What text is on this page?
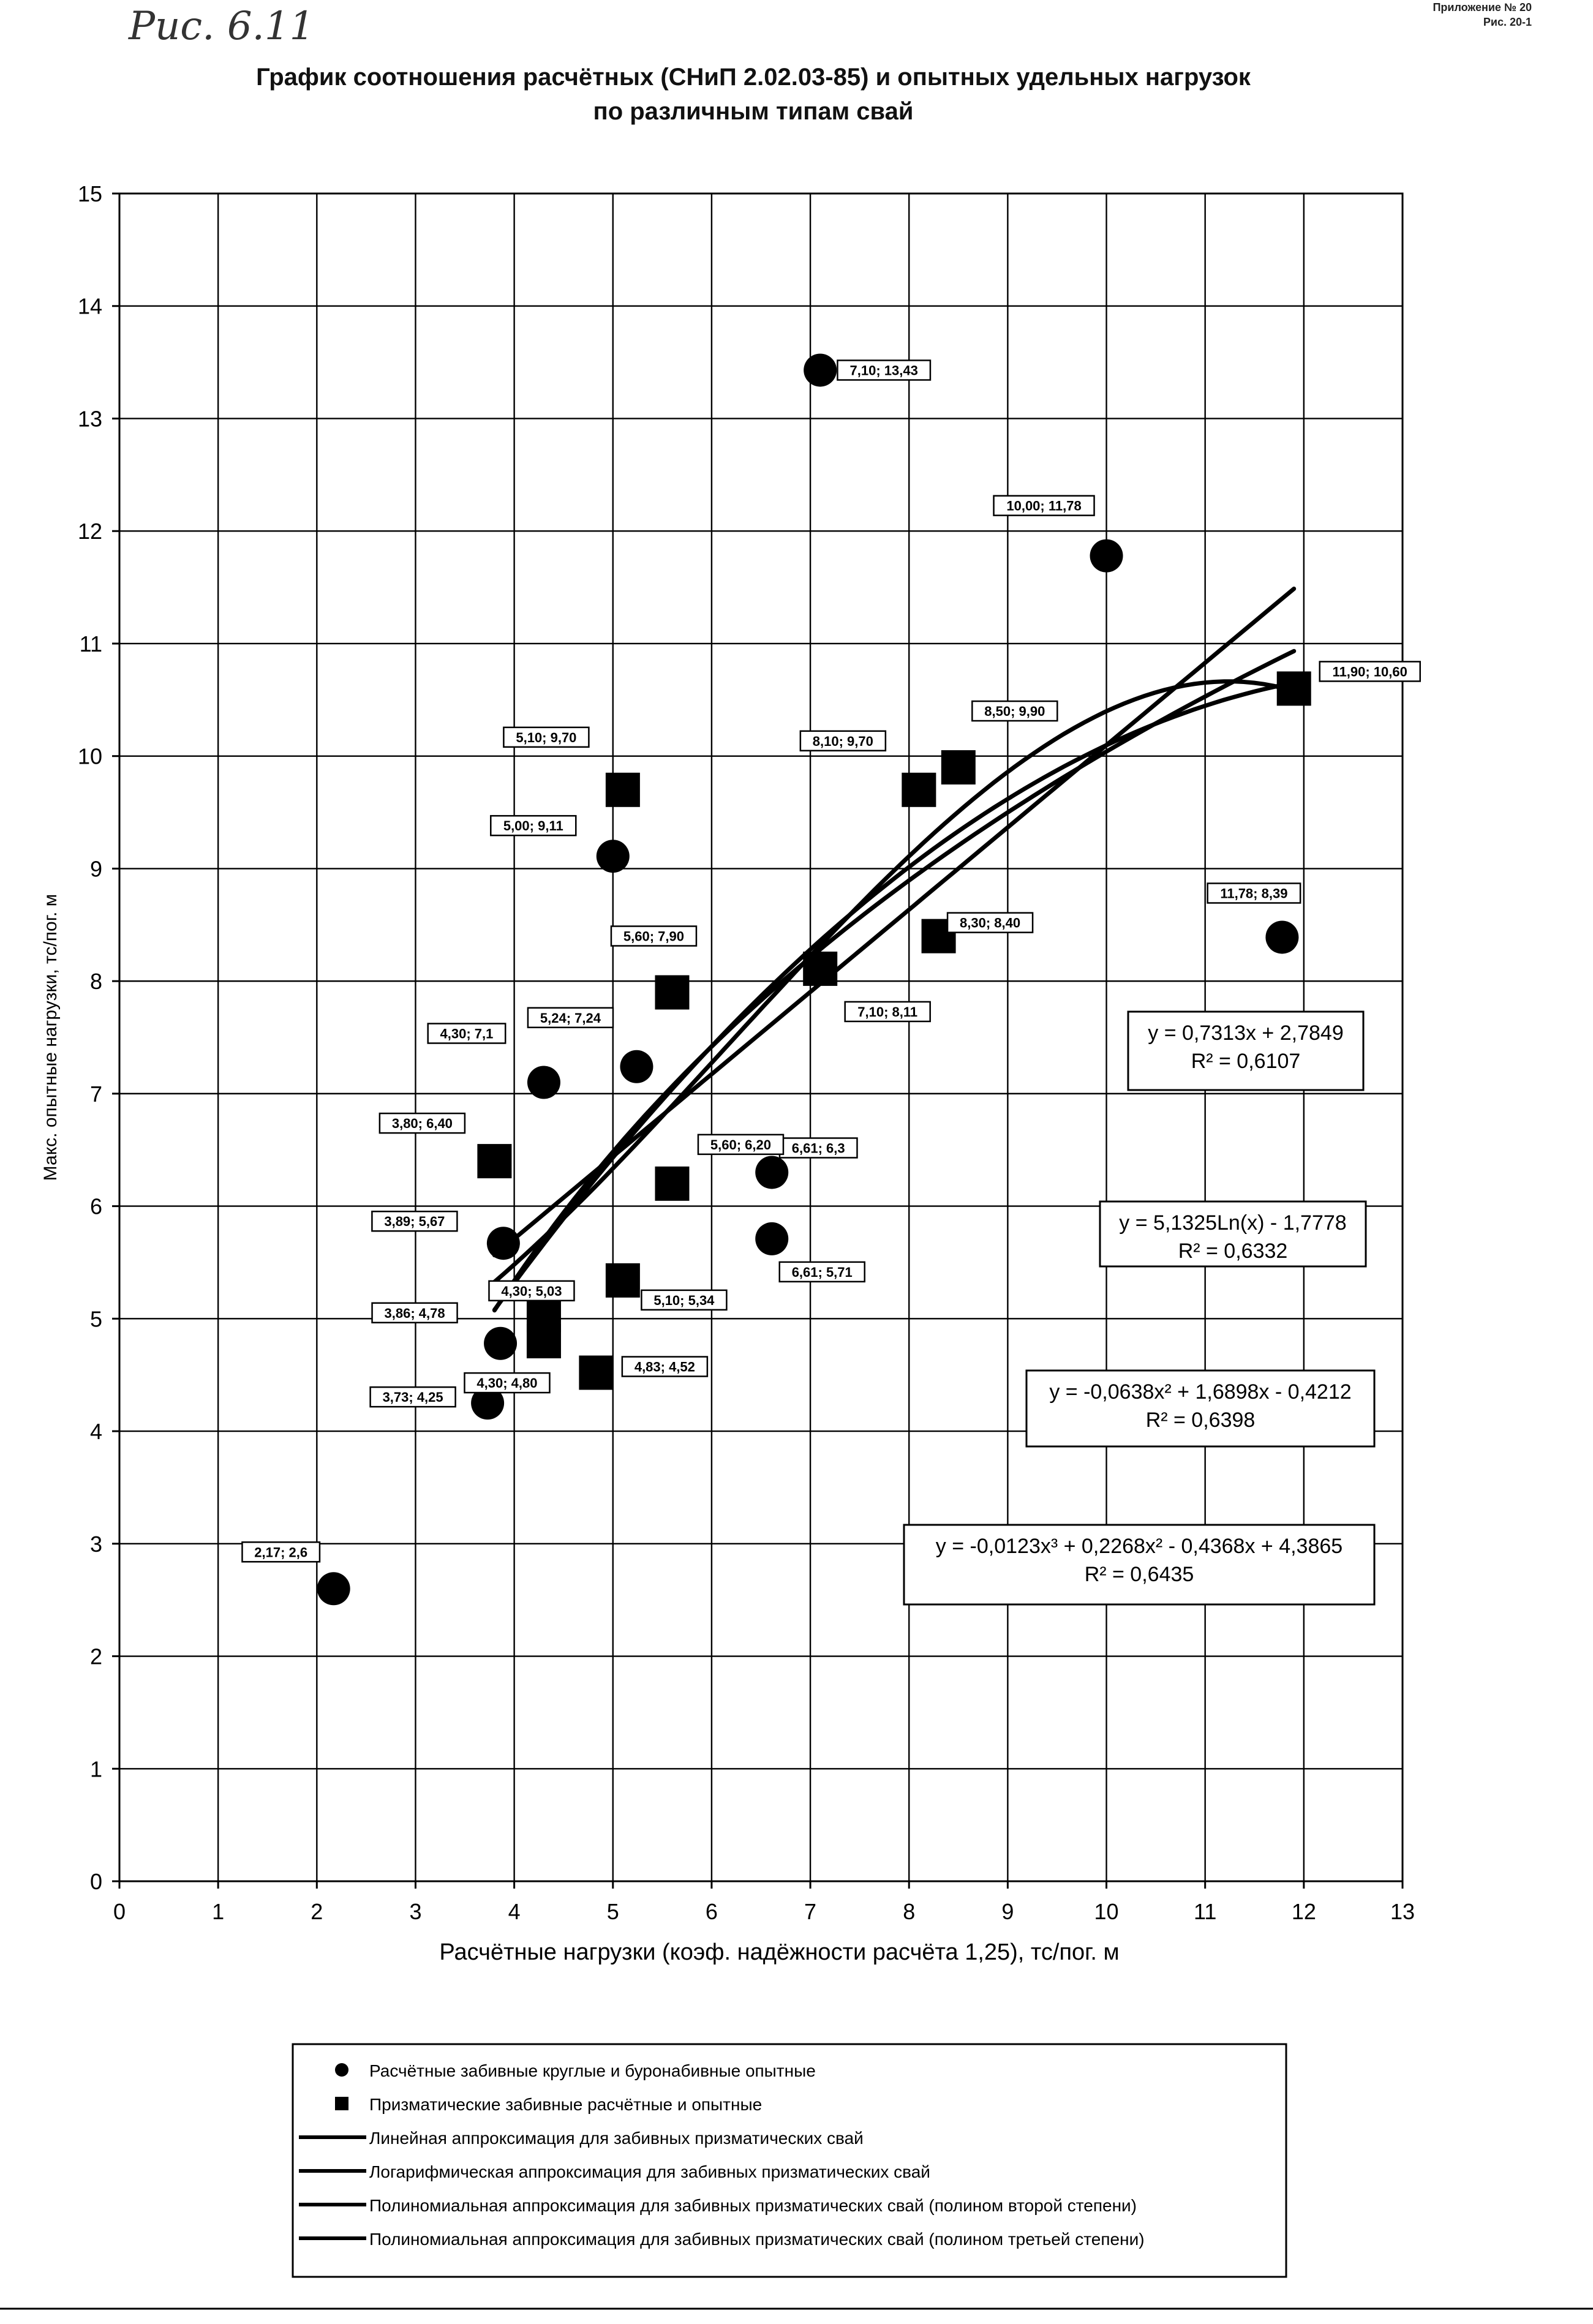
Рис. 6.11	Приложение № 20
Рис. 20-1
График соотношения расчётных (СНиП 2.02.03-85) и опытных удельных нагрузок
по различным типам свай
0	1	2	3	4	5	6	7	8	9	10	11	12	13
0
1
2
3
4
5
6
7
8
9
10
11
12
13
14
15
Расчётные нагрузки (коэф. надёжности расчёта 1,25), тс/пог. м
Макс. опытные нагрузки, тс/пог. м
2,17; 2,6
3,73; 4,25
3,86; 4,78
3,89; 5,67
4,30; 7,1
5,00; 9,11
5,24; 7,24
6,61; 6,3
6,61; 5,71
7,10; 13,43
10,00; 11,78
11,78; 8,39
3,80; 6,40
4,30; 5,03
4,30; 4,80
4,83; 4,52
5,10; 5,34
5,10; 9,70
5,60; 6,20
5,60; 7,90
7,10; 8,11
8,10; 9,70
8,30; 8,40
8,50; 9,90
11,90; 10,60
y = 0,7313x + 2,7849
R² = 0,6107
y = 5,1325Ln(x) - 1,7778
R² = 0,6332
y = -0,0638x² + 1,6898x - 0,4212
R² = 0,6398
y = -0,0123x³ + 0,2268x² - 0,4368x + 4,3865
R² = 0,6435
Расчётные забивные круглые и буронабивные опытные
Призматические забивные расчётные и опытные
Линейная аппроксимация для забивных призматических свай
Логарифмическая аппроксимация для забивных призматических свай
Полиномиальная аппроксимация для забивных призматических свай (полином второй степени)
Полиномиальная аппроксимация для забивных призматических свай (полином третьей степени)
